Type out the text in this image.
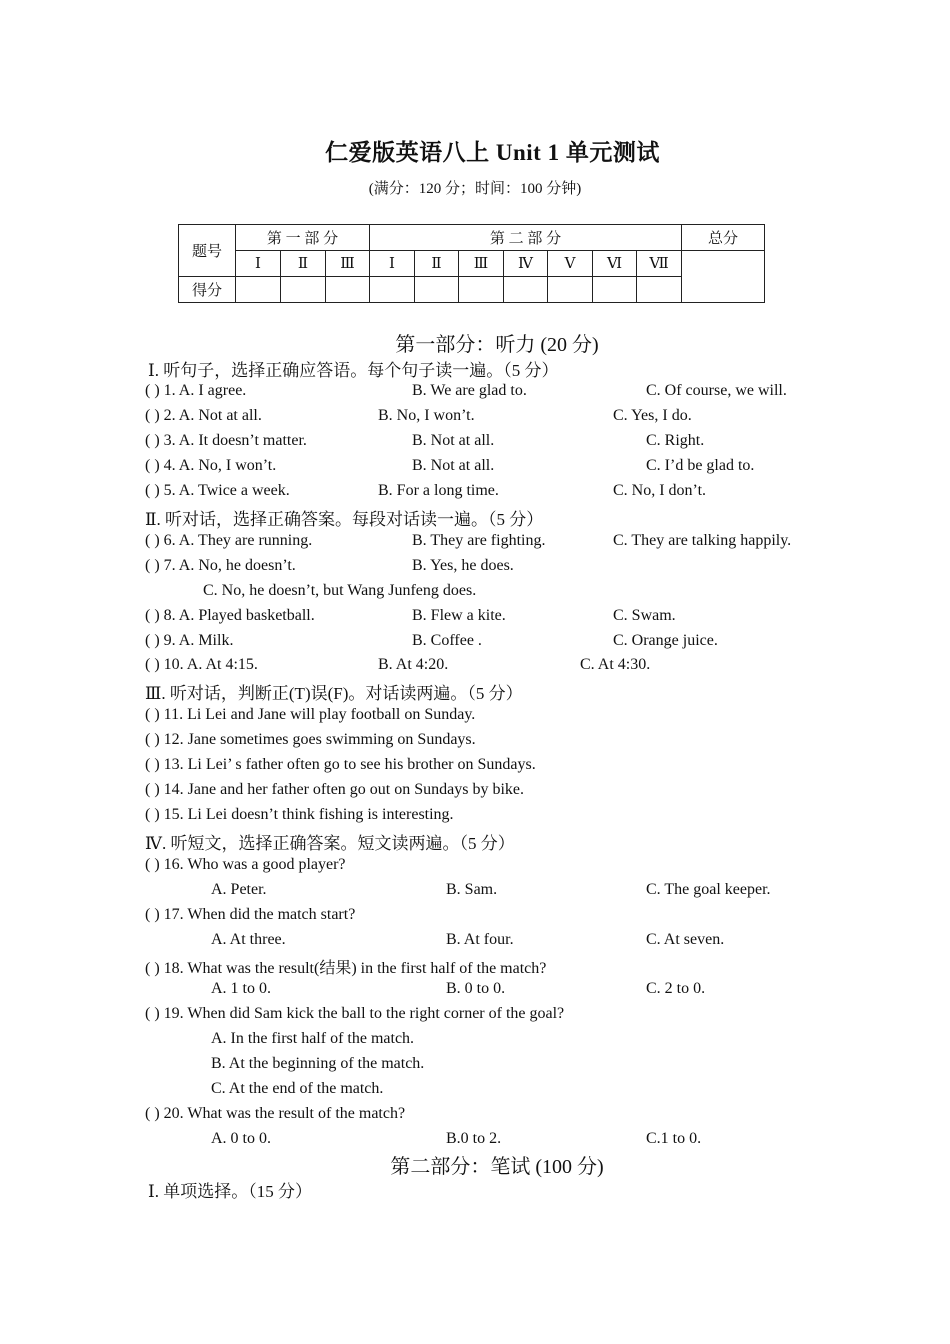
仁爱版英语八上 Unit 1 单元测试
(满分：120 分；时间：100 分钟)
题号	第 一 部 分			第 二 部 分							总分
	Ⅰ	Ⅱ	Ⅲ	Ⅰ	Ⅱ	Ⅲ	Ⅳ	Ⅴ	Ⅵ	Ⅶ	
得分											
第一部分：听力 (20 分)
Ⅰ. 听句子，选择正确应答语。每个句子读一遍。（5 分）
( ) 1. A. I agree.	B. We are glad to.	C. Of course, we will.
( ) 2. A. Not at all.	B. No, I won’t.	C. Yes, I do.
( ) 3. A. It doesn’t matter.	B. Not at all.	C. Right.
( ) 4. A. No, I won’t.	B. Not at all.	C. I’d be glad to.
( ) 5. A. Twice a week.	B. For a long time.	C. No, I don’t.
Ⅱ. 听对话，选择正确答案。每段对话读一遍。（5 分）
( ) 6. A. They are running.	B. They are fighting.	C. They are talking happily.
( ) 7. A. No, he doesn’t.	B. Yes, he does.
C. No, he doesn’t, but Wang Junfeng does.
( ) 8. A. Played basketball.	B. Flew a kite.	C. Swam.
( ) 9. A. Milk.	B. Coffee .	C. Orange juice.
( ) 10. A. At 4:15.	B. At 4:20.	C. At 4:30.
Ⅲ. 听对话，判断正(T)误(F)。对话读两遍。（5 分）
( ) 11. Li Lei and Jane will play football on Sunday.
( ) 12. Jane sometimes goes swimming on Sundays.
( ) 13. Li Lei’ s father often go to see his brother on Sundays.
( ) 14. Jane and her father often go out on Sundays by bike.
( ) 15. Li Lei doesn’t think fishing is interesting.
Ⅳ. 听短文，选择正确答案。短文读两遍。（5 分）
( ) 16. Who was a good player?
A. Peter.	B. Sam.	C. The goal keeper.
( ) 17. When did the match start?
A. At three.	B. At four.	C. At seven.
( ) 18. What was the result(结果) in the first half of the match?
A. 1 to 0.	B. 0 to 0.	C. 2 to 0.
( ) 19. When did Sam kick the ball to the right corner of the goal?
A. In the first half of the match.
B. At the beginning of the match.
C. At the end of the match.
( ) 20. What was the result of the match?
A. 0 to 0.	B.0 to 2.	C.1 to 0.
第二部分：笔试 (100 分)
Ⅰ. 单项选择。（15 分）
